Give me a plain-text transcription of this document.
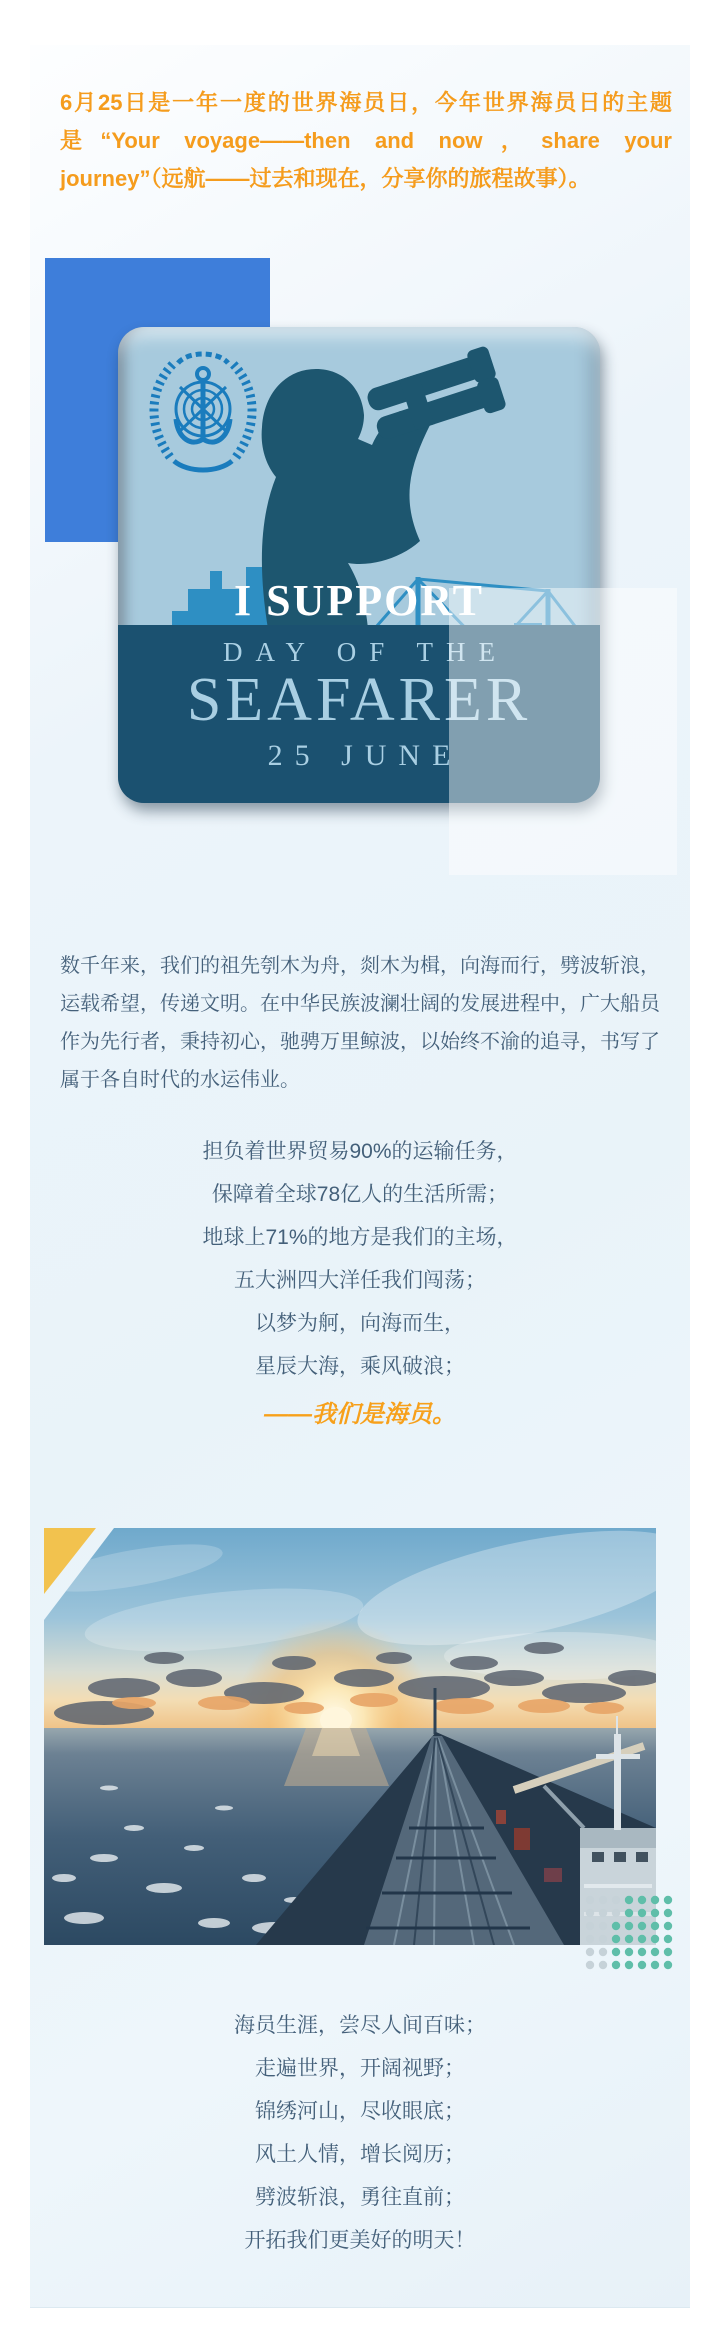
6月25日是一年一度的世界海员日，今年世界海员日的主题是“Your voyage——then and now，share your journey”（远航——过去和现在，分享你的旅程故事）。
I SUPPORT
DAY OF THE
SEAFARER
25 JUNE
数千年来，我们的祖先刳木为舟，剡木为楫，向海而行，劈波斩浪，运载希望，传递文明。在中华民族波澜壮阔的发展进程中，广大船员作为先行者，秉持初心，驰骋万里鲸波，以始终不渝的追寻，书写了属于各自时代的水运伟业。
担负着世界贸易90%的运输任务，
保障着全球78亿人的生活所需；
地球上71%的地方是我们的主场，
五大洲四大洋任我们闯荡；
以梦为舸，向海而生，
星辰大海，乘风破浪；
——我们是海员。
海员生涯，尝尽人间百味；
走遍世界，开阔视野；
锦绣河山，尽收眼底；
风土人情，增长阅历；
劈波斩浪，勇往直前；
开拓我们更美好的明天！
